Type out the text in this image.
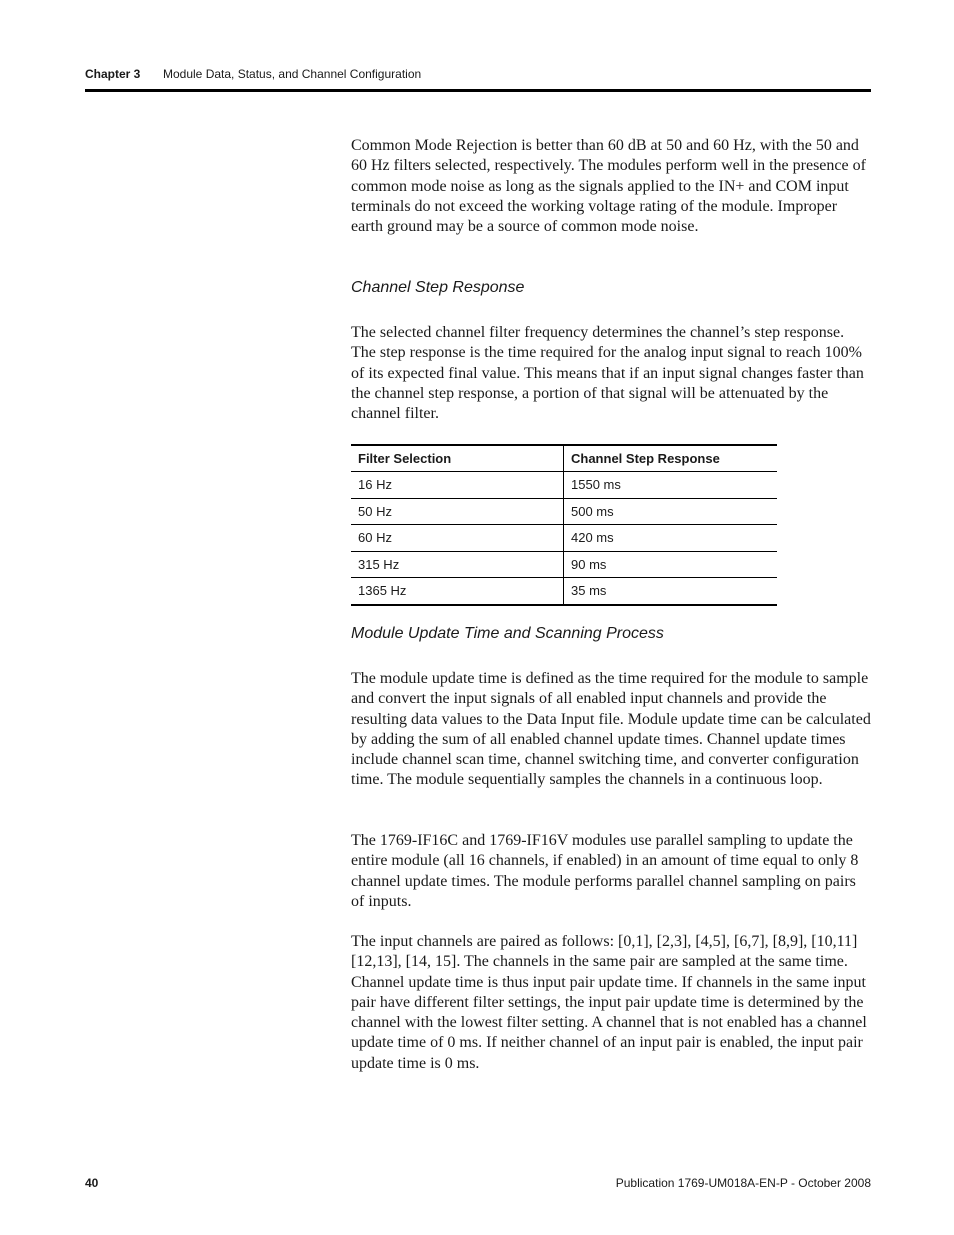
Chapter 3 Module Data, Status, and Channel Configuration

Common Mode Rejection is better than 60 dB at 50 and 60 Hz, with the 50 and 60 Hz filters selected, respectively. The modules perform well in the presence of common mode noise as long as the signals applied to the IN+ and COM input terminals do not exceed the working voltage rating of the module. Improper earth ground may be a source of common mode noise.

Channel Step Response

The selected channel filter frequency determines the channel’s step response. The step response is the time required for the analog input signal to reach 100% of its expected final value. This means that if an input signal changes faster than the channel step response, a portion of that signal will be attenuated by the channel filter.

Module Update Time and Scanning Process

The module update time is defined as the time required for the module to sample and convert the input signals of all enabled input channels and provide the resulting data values to the Data Input file. Module update time can be calculated by adding the sum of all enabled channel update times. Channel update times include channel scan time, channel switching time, and converter configuration time. The module sequentially samples the channels in a continuous loop.

The 1769-IF16C and 1769-IF16V modules use parallel sampling to update the entire module (all 16 channels, if enabled) in an amount of time equal to only 8 channel update times. The module performs parallel channel sampling on pairs of inputs.

The input channels are paired as follows: [0,1], [2,3], [4,5], [6,7], [8,9], [10,11] [12,13], [14, 15]. The channels in the same pair are sampled at the same time. Channel update time is thus input pair update time. If channels in the same input pair have different filter settings, the input pair update time is determined by the channel with the lowest filter setting. A channel that is not enabled has a channel update time of 0 ms. If neither channel of an input pair is enabled, the input pair update time is 0 ms.

Filter Selection	Channel Step Response
16 Hz	1550 ms
50 Hz	500 ms
60 Hz	420 ms
315 Hz	90 ms
1365 Hz	35 ms
40	Publication 1769-UM018A-EN-P - October 2008
